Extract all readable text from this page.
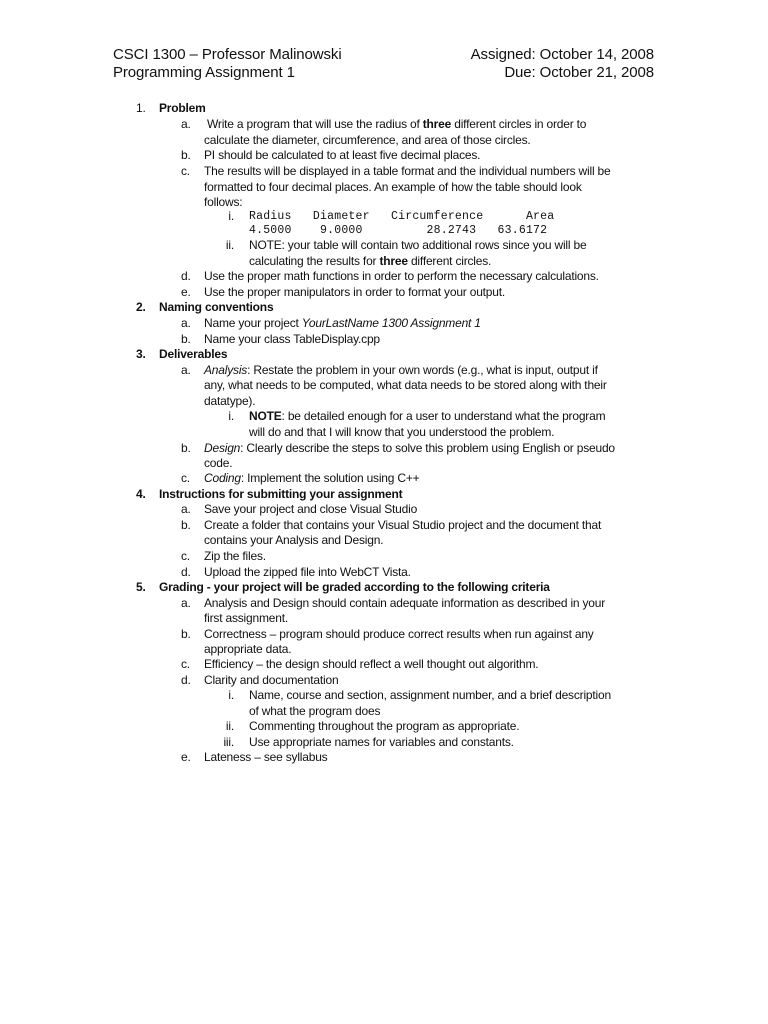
CSCI 1300 – Professor Malinowski	Assigned: October 14, 2008
Programming Assignment 1	Due: October 21, 2008
1. Problem
a. Write a program that will use the radius of three different circles in order to
calculate the diameter, circumference, and area of those circles.
b. PI should be calculated to at least five decimal places.
c. The results will be displayed in a table format and the individual numbers will be
formatted to four decimal places. An example of how the table should look
follows:
i. Radius   Diameter   Circumference      Area
4.5000    9.0000         28.2743   63.6172
ii. NOTE: your table will contain two additional rows since you will be
calculating the results for three different circles.
d. Use the proper math functions in order to perform the necessary calculations.
e. Use the proper manipulators in order to format your output.
2. Naming conventions
a. Name your project YourLastName 1300 Assignment 1
b. Name your class TableDisplay.cpp
3. Deliverables
a. Analysis: Restate the problem in your own words (e.g., what is input, output if
any, what needs to be computed, what data needs to be stored along with their
datatype).
i. NOTE: be detailed enough for a user to understand what the program
will do and that I will know that you understood the problem.
b. Design: Clearly describe the steps to solve this problem using English or pseudo
code.
c. Coding: Implement the solution using C++
4. Instructions for submitting your assignment
a. Save your project and close Visual Studio
b. Create a folder that contains your Visual Studio project and the document that
contains your Analysis and Design.
c. Zip the files.
d. Upload the zipped file into WebCT Vista.
5. Grading - your project will be graded according to the following criteria
a. Analysis and Design should contain adequate information as described in your
first assignment.
b. Correctness – program should produce correct results when run against any
appropriate data.
c. Efficiency – the design should reflect a well thought out algorithm.
d. Clarity and documentation
i. Name, course and section, assignment number, and a brief description
of what the program does
ii. Commenting throughout the program as appropriate.
iii. Use appropriate names for variables and constants.
e. Lateness – see syllabus
